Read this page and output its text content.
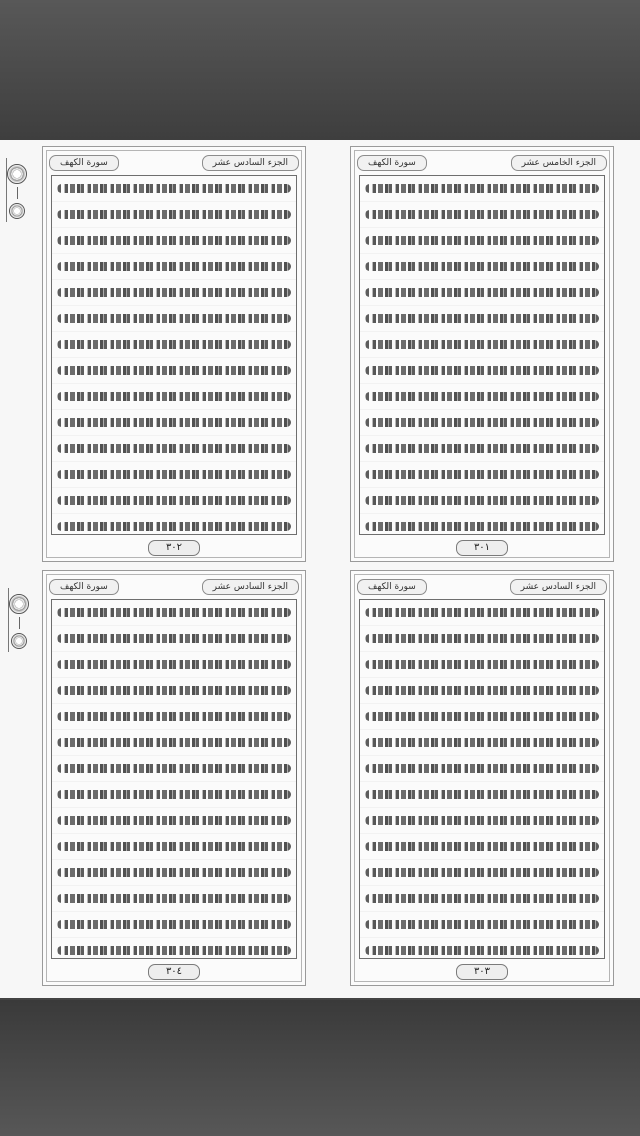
سورة الكهف	الجزء السادس عشر
٣٠٢
سورة الكهف	الجزء الخامس عشر
٣٠١
سورة الكهف	الجزء السادس عشر
٣٠٤
سورة الكهف	الجزء السادس عشر
٣٠٣
